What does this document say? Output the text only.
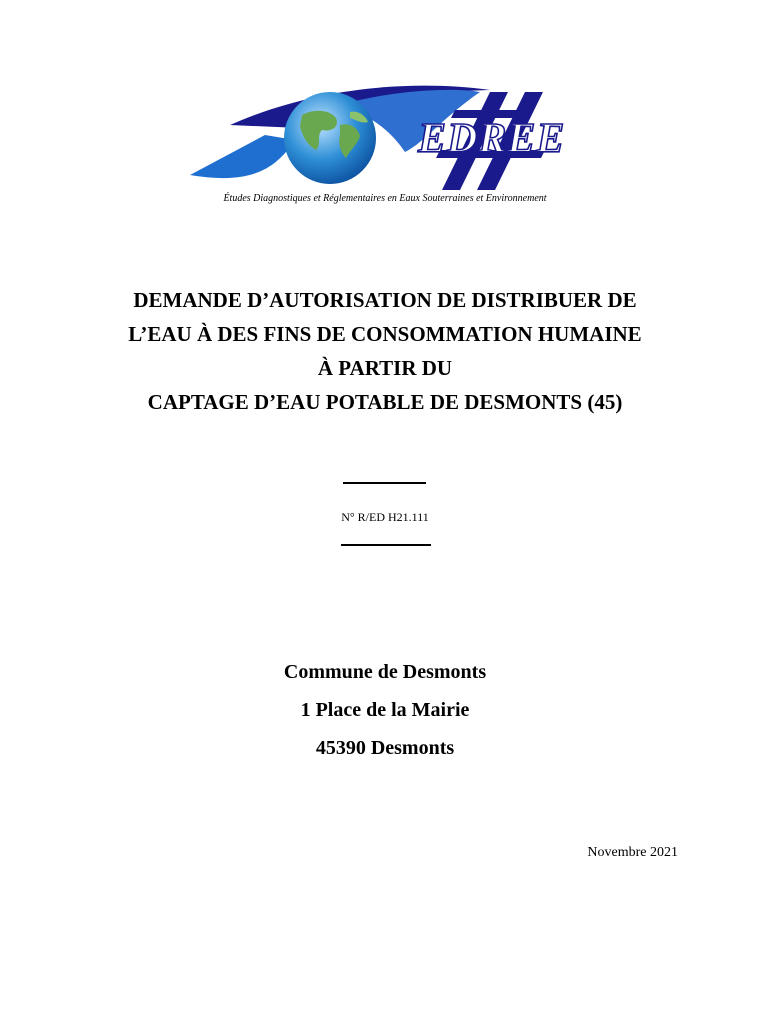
EDREE
Études Diagnostiques et Réglementaires en Eaux Souterraines et Environnement
DEMANDE D’AUTORISATION DE DISTRIBUER DE
L’EAU À DES FINS DE CONSOMMATION HUMAINE
À PARTIR DU
CAPTAGE D’EAU POTABLE DE DESMONTS (45)
N° R/ED H21.111
Commune de Desmonts
1 Place de la Mairie
45390 Desmonts
Novembre 2021
